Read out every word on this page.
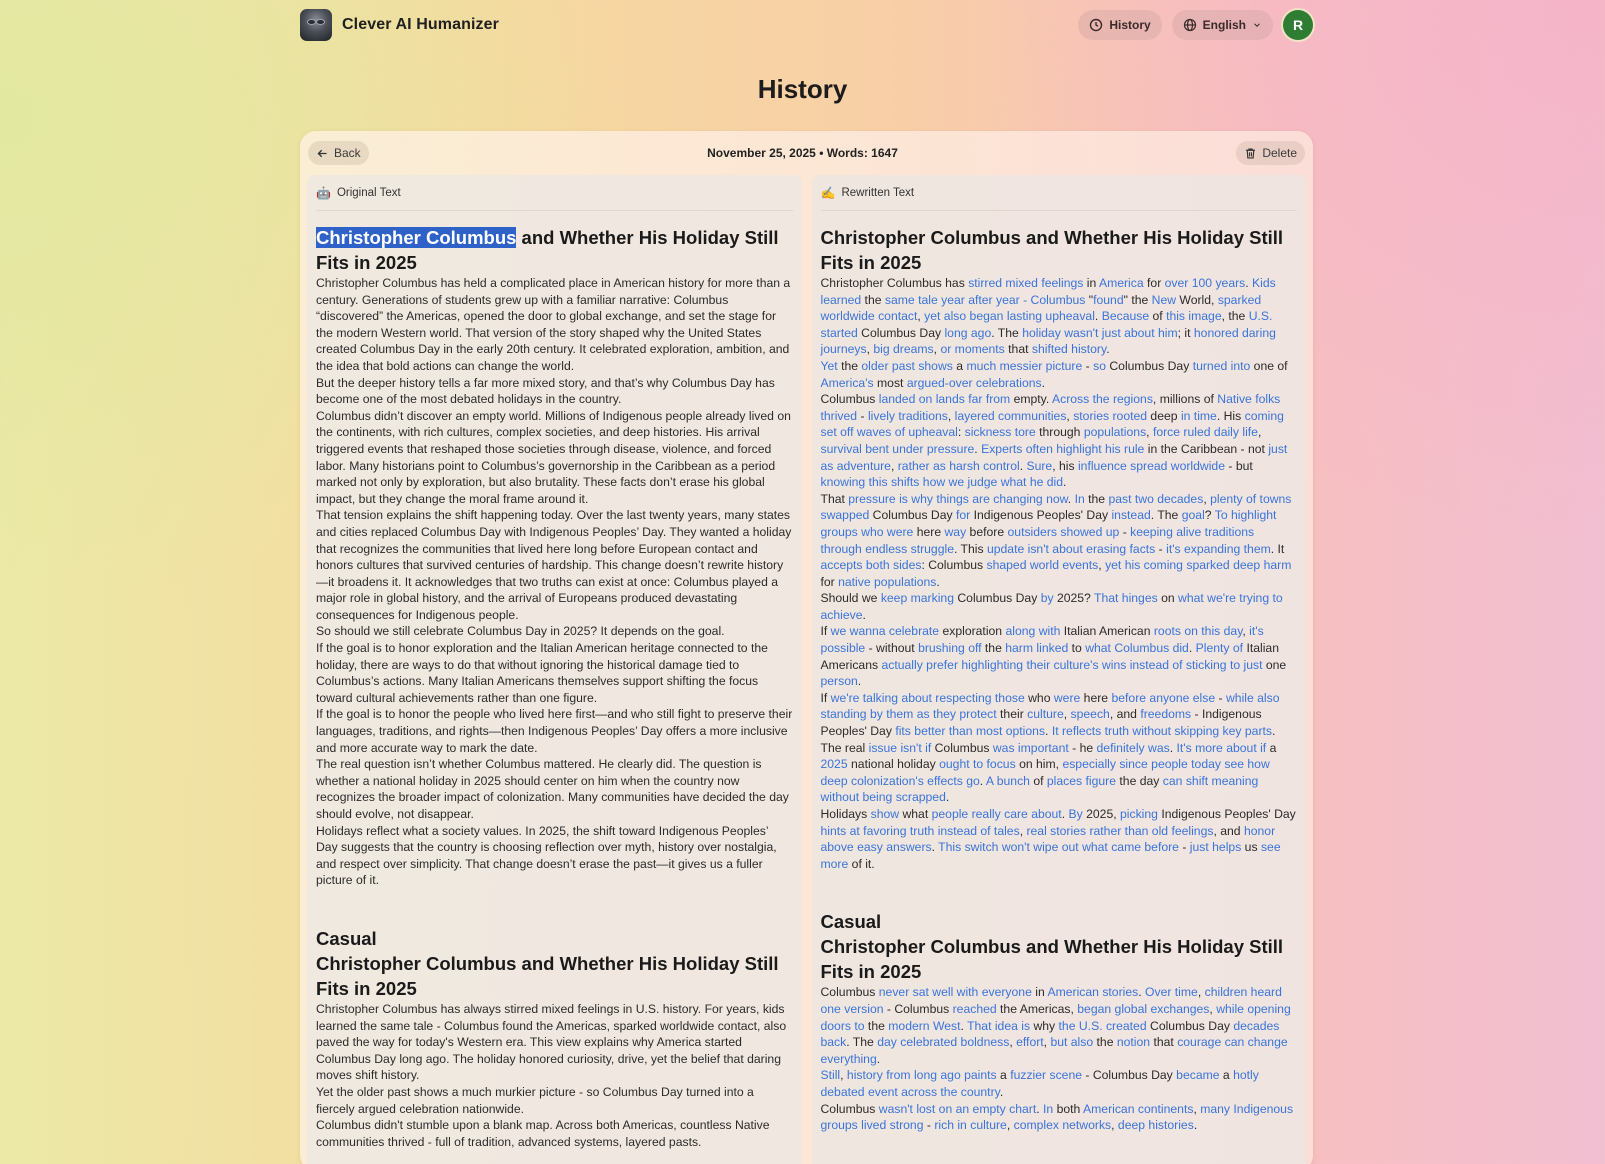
Clever AI Humanizer	History	English	R
History
Back	November 25, 2025 • Words: 1647	Delete
🤖 Original Text
Christopher Columbus and Whether His Holiday Still Fits in 2025

Christopher Columbus has held a complicated place in American history for more than a century. Generations of students grew up with a familiar narrative: Columbus “discovered” the Americas, opened the door to global exchange, and set the stage for the modern Western world. That version of the story shaped why the United States created Columbus Day in the early 20th century. It celebrated exploration, ambition, and the idea that bold actions can change the world.

But the deeper history tells a far more mixed story, and that’s why Columbus Day has become one of the most debated holidays in the country.

Columbus didn’t discover an empty world. Millions of Indigenous people already lived on the continents, with rich cultures, complex societies, and deep histories. His arrival triggered events that reshaped those societies through disease, violence, and forced labor. Many historians point to Columbus’s governorship in the Caribbean as a period marked not only by exploration, but also brutality. These facts don’t erase his global impact, but they change the moral frame around it.

That tension explains the shift happening today. Over the last twenty years, many states and cities replaced Columbus Day with Indigenous Peoples’ Day. They wanted a holiday that recognizes the communities that lived here long before European contact and honors cultures that survived centuries of hardship. This change doesn’t rewrite history—it broadens it. It acknowledges that two truths can exist at once: Columbus played a major role in global history, and the arrival of Europeans produced devastating consequences for Indigenous people.

So should we still celebrate Columbus Day in 2025? It depends on the goal.

If the goal is to honor exploration and the Italian American heritage connected to the holiday, there are ways to do that without ignoring the historical damage tied to Columbus’s actions. Many Italian Americans themselves support shifting the focus toward cultural achievements rather than one figure.

If the goal is to honor the people who lived here first—and who still fight to preserve their languages, traditions, and rights—then Indigenous Peoples’ Day offers a more inclusive and more accurate way to mark the date.

The real question isn’t whether Columbus mattered. He clearly did. The question is whether a national holiday in 2025 should center on him when the country now recognizes the broader impact of colonization. Many communities have decided the day should evolve, not disappear.

Holidays reflect what a society values. In 2025, the shift toward Indigenous Peoples’ Day suggests that the country is choosing reflection over myth, history over nostalgia, and respect over simplicity. That change doesn’t erase the past—it gives us a fuller picture of it.

Casual
Christopher Columbus and Whether His Holiday Still Fits in 2025

Christopher Columbus has always stirred mixed feelings in U.S. history. For years, kids learned the same tale - Columbus found the Americas, sparked worldwide contact, also paved the way for today's Western era. This view explains why America started Columbus Day long ago. The holiday honored curiosity, drive, yet the belief that daring moves shift history.

Yet the older past shows a much murkier picture - so Columbus Day turned into a fiercely argued celebration nationwide.

Columbus didn't stumble upon a blank map. Across both Americas, countless Native communities thrived - full of tradition, advanced systems, layered pasts.

✍️ Rewritten Text
Christopher Columbus and Whether His Holiday Still Fits in 2025

Christopher Columbus has stirred mixed feelings in America for over 100 years. Kids learned the same tale year after year - Columbus "found" the New World, sparked worldwide contact, yet also began lasting upheaval. Because of this image, the U.S. started Columbus Day long ago. The holiday wasn't just about him; it honored daring journeys, big dreams, or moments that shifted history.

Yet the older past shows a much messier picture - so Columbus Day turned into one of America's most argued-over celebrations.

Columbus landed on lands far from empty. Across the regions, millions of Native folks thrived - lively traditions, layered communities, stories rooted deep in time. His coming set off waves of upheaval: sickness tore through populations, force ruled daily life, survival bent under pressure. Experts often highlight his rule in the Caribbean - not just as adventure, rather as harsh control. Sure, his influence spread worldwide - but knowing this shifts how we judge what he did.

That pressure is why things are changing now. In the past two decades, plenty of towns swapped Columbus Day for Indigenous Peoples' Day instead. The goal? To highlight groups who were here way before outsiders showed up - keeping alive traditions through endless struggle. This update isn't about erasing facts - it's expanding them. It accepts both sides: Columbus shaped world events, yet his coming sparked deep harm for native populations.

Should we keep marking Columbus Day by 2025? That hinges on what we're trying to achieve.

If we wanna celebrate exploration along with Italian American roots on this day, it's possible - without brushing off the harm linked to what Columbus did. Plenty of Italian Americans actually prefer highlighting their culture's wins instead of sticking to just one person.

If we're talking about respecting those who were here before anyone else - while also standing by them as they protect their culture, speech, and freedoms - Indigenous Peoples' Day fits better than most options. It reflects truth without skipping key parts.

The real issue isn't if Columbus was important - he definitely was. It's more about if a 2025 national holiday ought to focus on him, especially since people today see how deep colonization's effects go. A bunch of places figure the day can shift meaning without being scrapped.

Holidays show what people really care about. By 2025, picking Indigenous Peoples' Day hints at favoring truth instead of tales, real stories rather than old feelings, and honor above easy answers. This switch won't wipe out what came before - just helps us see more of it.

Casual
Christopher Columbus and Whether His Holiday Still Fits in 2025

Columbus never sat well with everyone in American stories. Over time, children heard one version - Columbus reached the Americas, began global exchanges, while opening doors to the modern West. That idea is why the U.S. created Columbus Day decades back. The day celebrated boldness, effort, but also the notion that courage can change everything.

Still, history from long ago paints a fuzzier scene - Columbus Day became a hotly debated event across the country.

Columbus wasn't lost on an empty chart. In both American continents, many Indigenous groups lived strong - rich in culture, complex networks, deep histories.
